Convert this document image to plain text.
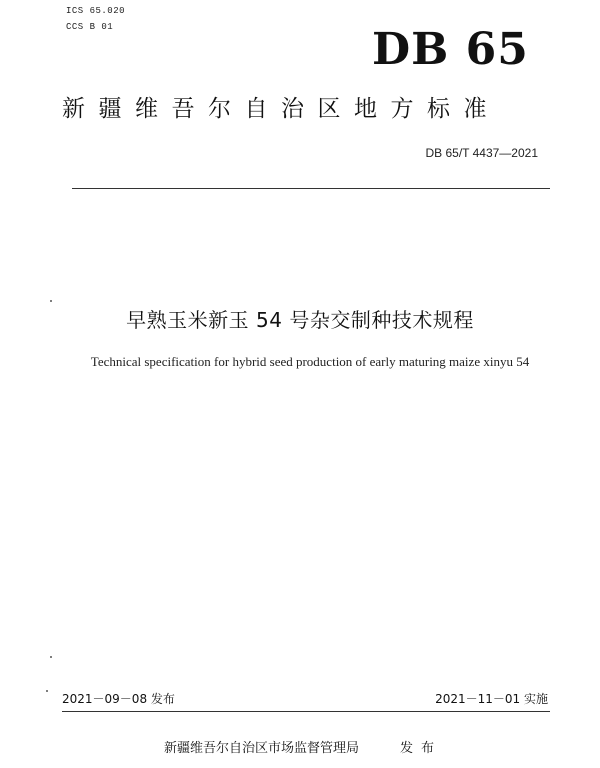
ICS 65.020
CCS B 01	DB 65
新疆维吾尔自治区地方标准
DB 65/T 4437—2021
早熟玉米新玉 54 号杂交制种技术规程
Technical specification for hybrid seed production of early maturing maize xinyu 54
2021－09－08 发布	2021－11－01 实施
新疆维吾尔自治区市场监督管理局	发布
